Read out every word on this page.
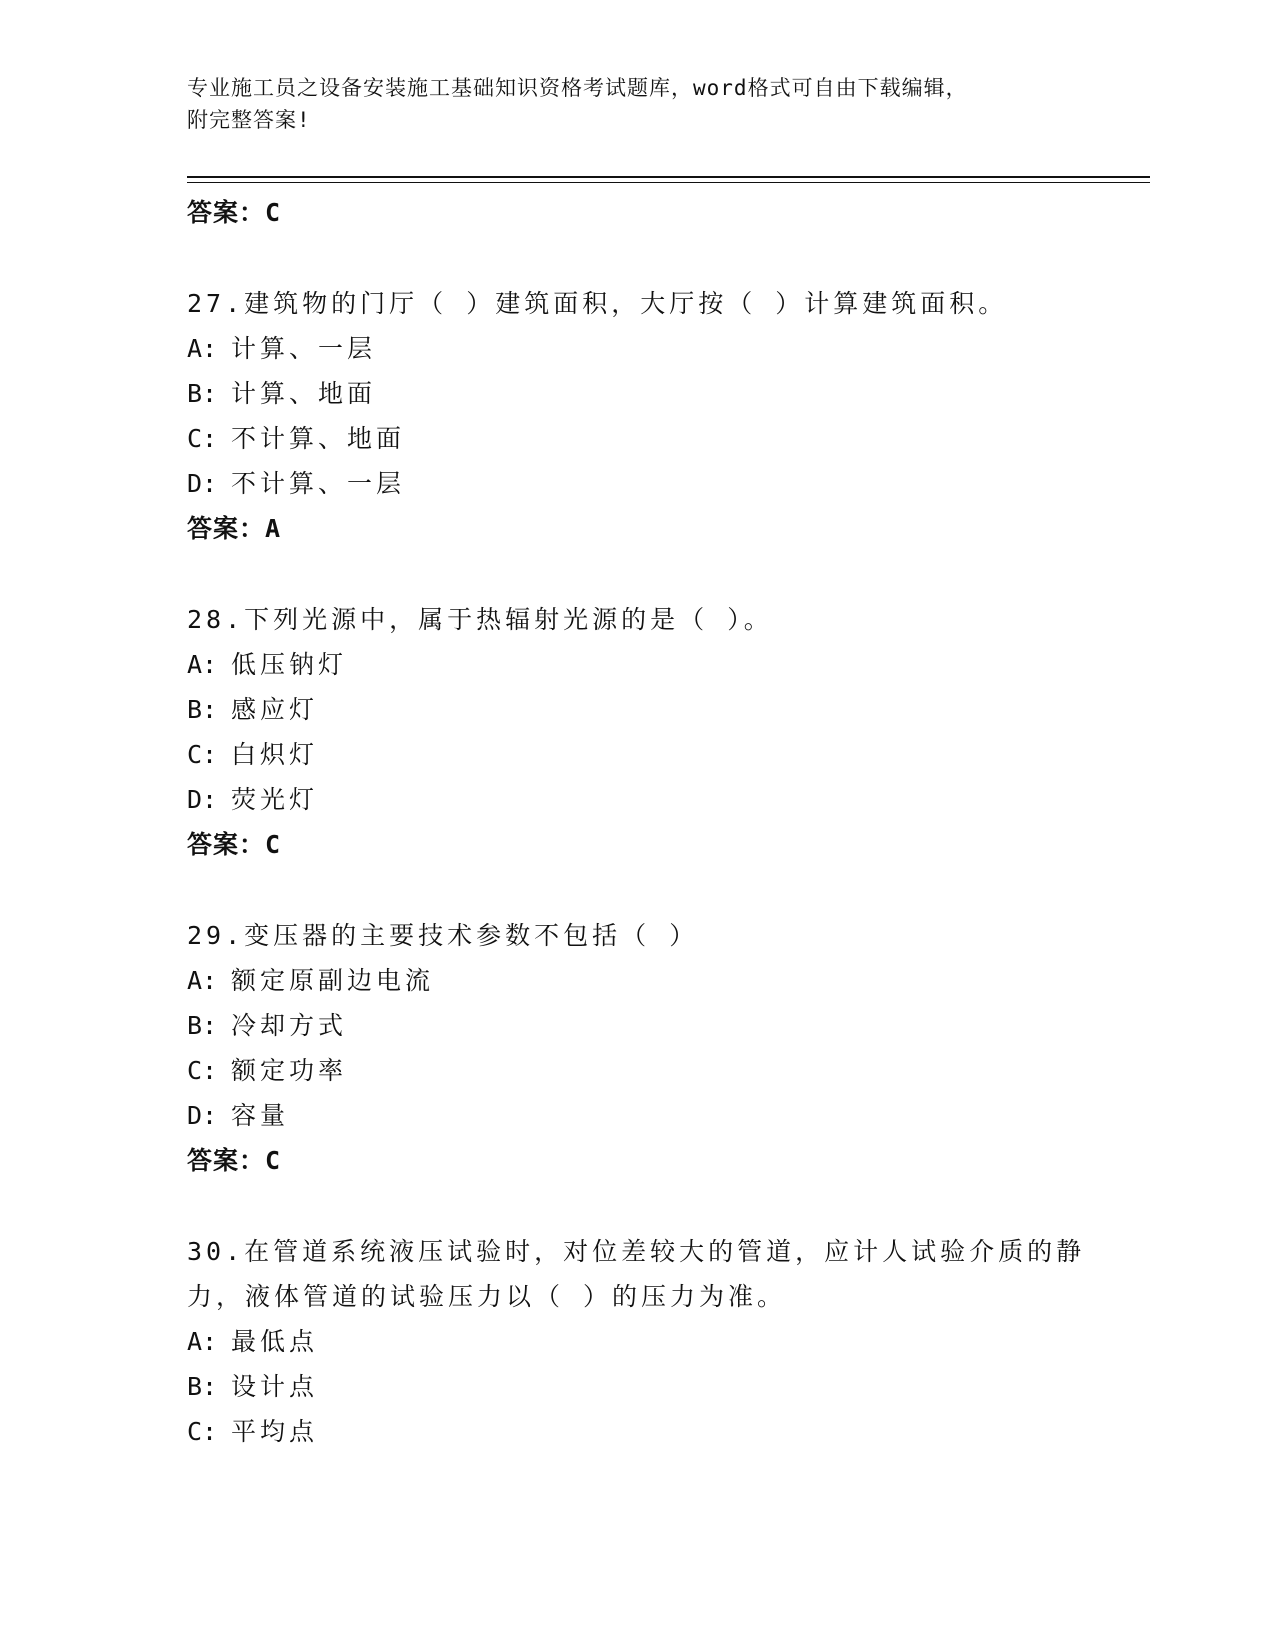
专业施工员之设备安装施工基础知识资格考试题库，word格式可自由下载编辑，
附完整答案!
答案：C
27.建筑物的门厅（ ）建筑面积，大厅按（ ）计算建筑面积。
A: 计算、一层
B: 计算、地面
C: 不计算、地面
D: 不计算、一层
答案：A
28.下列光源中，属于热辐射光源的是（ ）。
A: 低压钠灯
B: 感应灯
C: 白炽灯
D: 荧光灯
答案：C
29.变压器的主要技术参数不包括（ ）
A: 额定原副边电流
B: 冷却方式
C: 额定功率
D: 容量
答案：C
30.在管道系统液压试验时，对位差较大的管道，应计人试验介质的静
力，液体管道的试验压力以（ ）的压力为准。
A: 最低点
B: 设计点
C: 平均点
